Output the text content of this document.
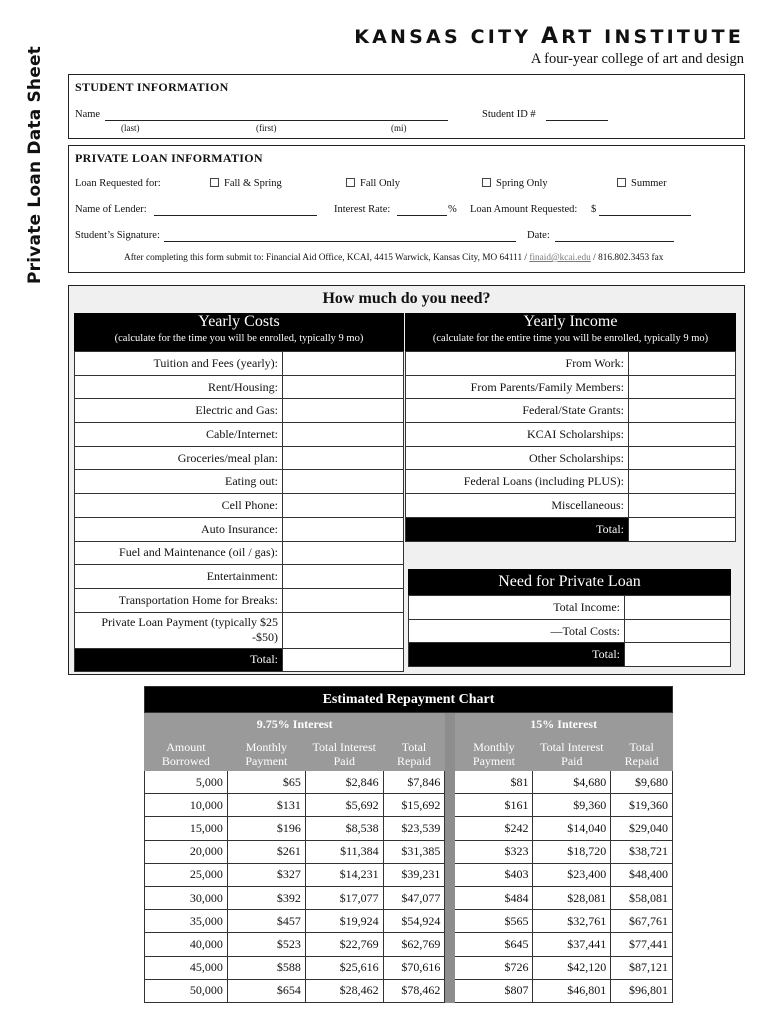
Private Loan Data Sheet
KANSAS CITY ART INSTITUTE
A four-year college of art and design
STUDENT INFORMATION
Name
(last)	(first)	(mi)
Student ID #
PRIVATE LOAN INFORMATION
Loan Requested for:	Fall & Spring	Fall Only	Spring Only	Summer
Name of Lender:	Interest Rate:	% Loan Amount Requested: $
Student’s Signature:	Date:
After completing this form submit to: Financial Aid Office, KCAI, 4415 Warwick, Kansas City, MO 64111 / finaid@kcai.edu / 816.802.3453 fax
How much do you need?
Yearly Costs
(calculate for the time you will be enrolled, typically 9 mo)
Tuition and Fees (yearly):	
Rent/Housing:	
Electric and Gas:	
Cable/Internet:	
Groceries/meal plan:	
Eating out:	
Cell Phone:	
Auto Insurance:	
Fuel and Maintenance (oil / gas):	
Entertainment:	
Transportation Home for Breaks:	
Private Loan Payment (typically $25 -$50)	
Total:	
Yearly Income
(calculate for the entire time you will be enrolled, typically 9 mo)
From Work:	
From Parents/Family Members:	
Federal/State Grants:	
KCAI Scholarships:	
Other Scholarships:	
Federal Loans (including PLUS):	
Miscellaneous:	
Total:	
Need for Private Loan
Total Income:	
—Total Costs:	
Total:	
Estimated Repayment Chart							
9.75% Interest					15% Interest		
Amount Borrowed	Monthly Payment	Total Interest Paid	Total Repaid		Monthly Payment	Total Interest Paid	Total Repaid
5,000	$65	$2,846	$7,846		$81	$4,680	$9,680
10,000	$131	$5,692	$15,692		$161	$9,360	$19,360
15,000	$196	$8,538	$23,539		$242	$14,040	$29,040
20,000	$261	$11,384	$31,385		$323	$18,720	$38,721
25,000	$327	$14,231	$39,231		$403	$23,400	$48,400
30,000	$392	$17,077	$47,077		$484	$28,081	$58,081
35,000	$457	$19,924	$54,924		$565	$32,761	$67,761
40,000	$523	$22,769	$62,769		$645	$37,441	$77,441
45,000	$588	$25,616	$70,616		$726	$42,120	$87,121
50,000	$654	$28,462	$78,462		$807	$46,801	$96,801
